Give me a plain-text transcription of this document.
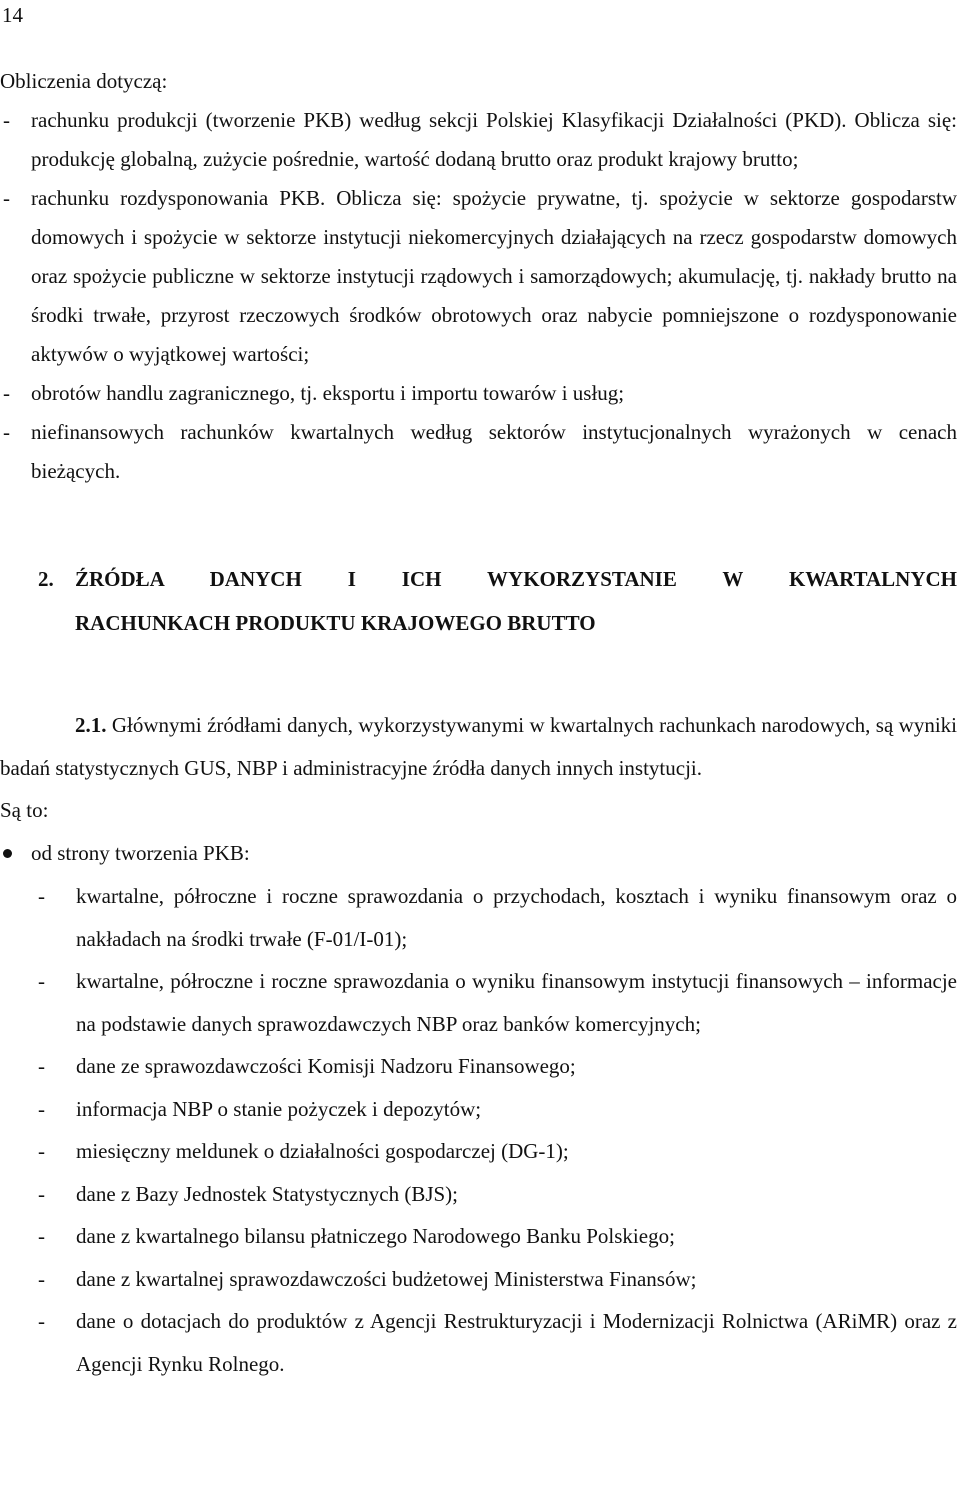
14

Obliczenia dotyczą:

- rachunku produkcji (tworzenie PKB) według sekcji Polskiej Klasyfikacji Działalności (PKD). Oblicza się: produkcję globalną, zużycie pośrednie, wartość dodaną brutto oraz produkt krajowy brutto;

- rachunku rozdysponowania PKB. Oblicza się: spożycie prywatne, tj. spożycie w sektorze gospodarstw domowych i spożycie w sektorze instytucji niekomercyjnych działających na rzecz gospodarstw domowych oraz spożycie publiczne w sektorze instytucji rządowych i samorządowych; akumulację, tj. nakłady brutto na środki trwałe, przyrost rzeczowych środków obrotowych oraz nabycie pomniejszone o rozdysponowanie aktywów o wyjątkowej wartości;

- obrotów handlu zagranicznego, tj. eksportu i importu towarów i usług;

- niefinansowych rachunków kwartalnych według sektorów instytucjonalnych wyrażonych w cenach bieżących.

2. ŹRÓDŁA DANYCH I ICH WYKORZYSTANIE W KWARTALNYCH
RACHUNKACH PRODUKTU KRAJOWEGO BRUTTO

2.1. Głównymi źródłami danych, wykorzystywanymi w kwartalnych rachunkach narodowych, są wyniki badań statystycznych GUS, NBP i administracyjne źródła danych innych instytucji.

Są to:

od strony tworzenia PKB:

- kwartalne, półroczne i roczne sprawozdania o przychodach, kosztach i wyniku finansowym oraz o nakładach na środki trwałe (F-01/I-01);

- kwartalne, półroczne i roczne sprawozdania o wyniku finansowym instytucji finansowych – informacje na podstawie danych sprawozdawczych NBP oraz banków komercyjnych;

- dane ze sprawozdawczości Komisji Nadzoru Finansowego;

- informacja NBP o stanie pożyczek i depozytów;

- miesięczny meldunek o działalności gospodarczej (DG-1);

- dane z Bazy Jednostek Statystycznych (BJS);

- dane z kwartalnego bilansu płatniczego Narodowego Banku Polskiego;

- dane z kwartalnej sprawozdawczości budżetowej Ministerstwa Finansów;

- dane o dotacjach do produktów z Agencji Restrukturyzacji i Modernizacji Rolnictwa (ARiMR) oraz z Agencji Rynku Rolnego.
